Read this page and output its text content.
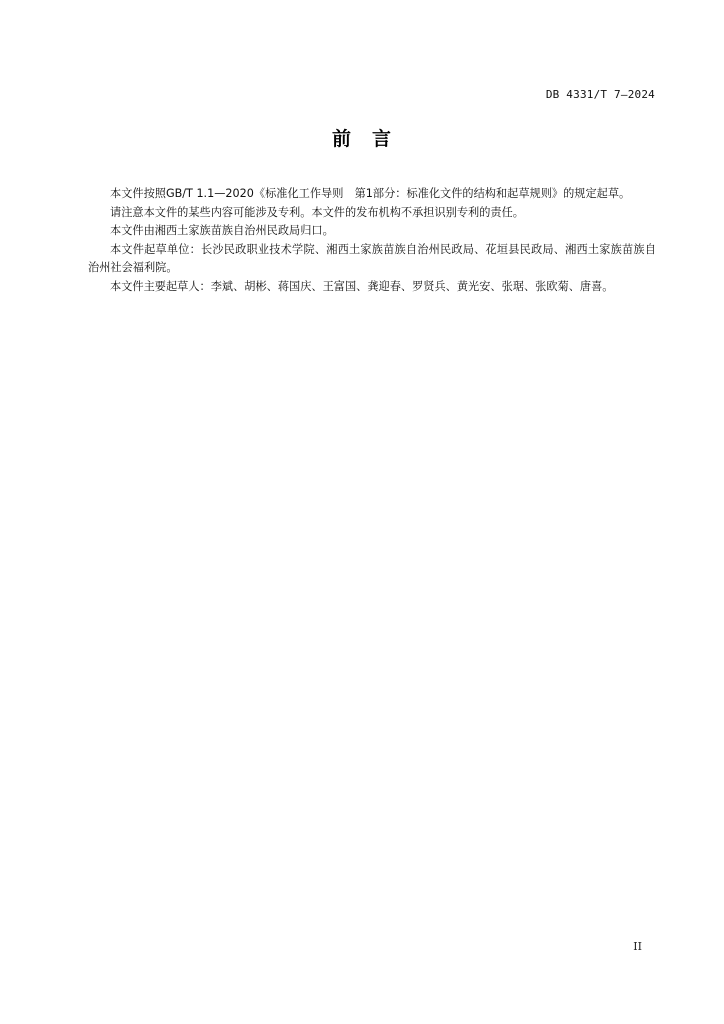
DB 4331/T 7—2024
前　言

本文件按照GB/T 1.1—2020《标准化工作导则　第1部分：标准化文件的结构和起草规则》的规定起草。

请注意本文件的某些内容可能涉及专利。本文件的发布机构不承担识别专利的责任。

本文件由湘西土家族苗族自治州民政局归口。

本文件起草单位：长沙民政职业技术学院、湘西土家族苗族自治州民政局、花垣县民政局、湘西土家族苗族自治州社会福利院。

本文件主要起草人：李斌、胡彬、蒋国庆、王富国、龚迎春、罗贤兵、黄光安、张琚、张欧菊、唐喜。

II
